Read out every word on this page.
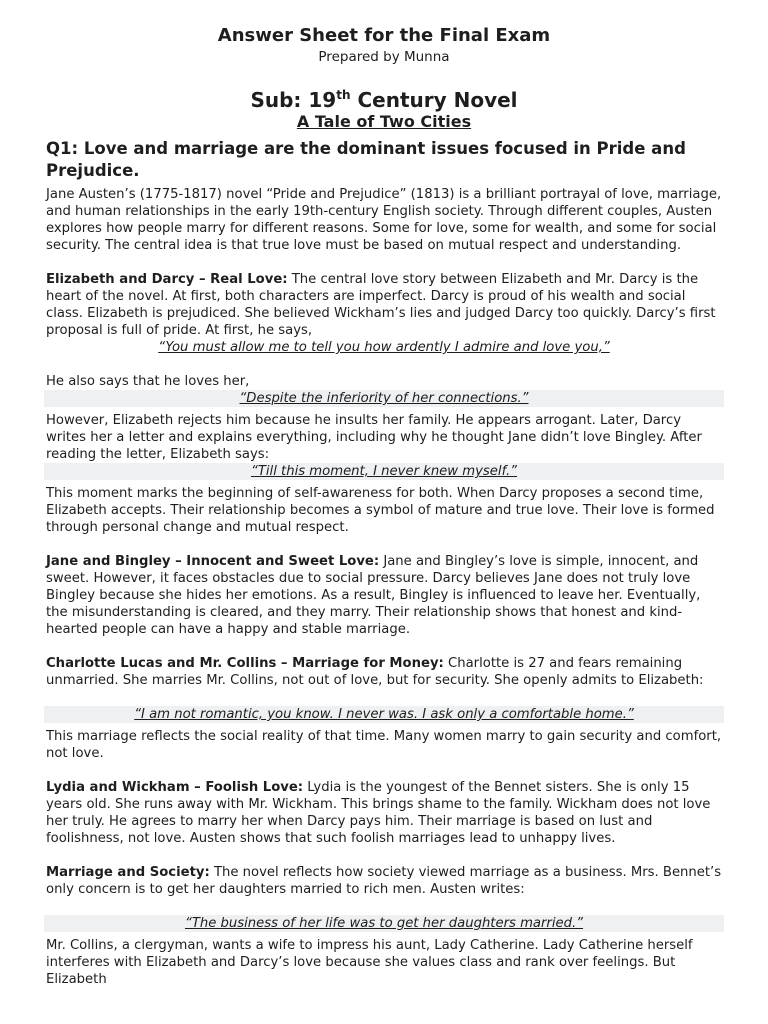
Answer Sheet for the Final Exam
Prepared by Munna
Sub: 19th Century Novel
A Tale of Two Cities
Q1: Love and marriage are the dominant issues focused in Pride and Prejudice.

Jane Austen’s (1775-1817) novel “Pride and Prejudice” (1813) is a brilliant portrayal of love, marriage, and human relationships in the early 19th-century English society. Through different couples, Austen explores how people marry for different reasons. Some for love, some for wealth, and some for social security. The central idea is that true love must be based on mutual respect and understanding.

Elizabeth and Darcy – Real Love: The central love story between Elizabeth and Mr. Darcy is the heart of the novel. At first, both characters are imperfect. Darcy is proud of his wealth and social class. Elizabeth is prejudiced. She believed Wickham’s lies and judged Darcy too quickly. Darcy’s first proposal is full of pride. At first, he says,

“You must allow me to tell you how ardently I admire and love you,”

He also says that he loves her,

“Despite the inferiority of her connections.”

However, Elizabeth rejects him because he insults her family. He appears arrogant. Later, Darcy writes her a letter and explains everything, including why he thought Jane didn’t love Bingley. After reading the letter, Elizabeth says:

“Till this moment, I never knew myself.”

This moment marks the beginning of self-awareness for both. When Darcy proposes a second time, Elizabeth accepts. Their relationship becomes a symbol of mature and true love. Their love is formed through personal change and mutual respect.

Jane and Bingley – Innocent and Sweet Love: Jane and Bingley’s love is simple, innocent, and sweet. However, it faces obstacles due to social pressure. Darcy believes Jane does not truly love Bingley because she hides her emotions. As a result, Bingley is influenced to leave her. Eventually, the misunderstanding is cleared, and they marry. Their relationship shows that honest and kind-hearted people can have a happy and stable marriage.

Charlotte Lucas and Mr. Collins – Marriage for Money: Charlotte is 27 and fears remaining unmarried. She marries Mr. Collins, not out of love, but for security. She openly admits to Elizabeth:

“I am not romantic, you know. I never was. I ask only a comfortable home.”

This marriage reflects the social reality of that time. Many women marry to gain security and comfort, not love.

Lydia and Wickham – Foolish Love: Lydia is the youngest of the Bennet sisters. She is only 15 years old. She runs away with Mr. Wickham. This brings shame to the family. Wickham does not love her truly. He agrees to marry her when Darcy pays him. Their marriage is based on lust and foolishness, not love. Austen shows that such foolish marriages lead to unhappy lives.

Marriage and Society: The novel reflects how society viewed marriage as a business. Mrs. Bennet’s only concern is to get her daughters married to rich men. Austen writes:

“The business of her life was to get her daughters married.”

Mr. Collins, a clergyman, wants a wife to impress his aunt, Lady Catherine. Lady Catherine herself interferes with Elizabeth and Darcy’s love because she values class and rank over feelings. But Elizabeth
